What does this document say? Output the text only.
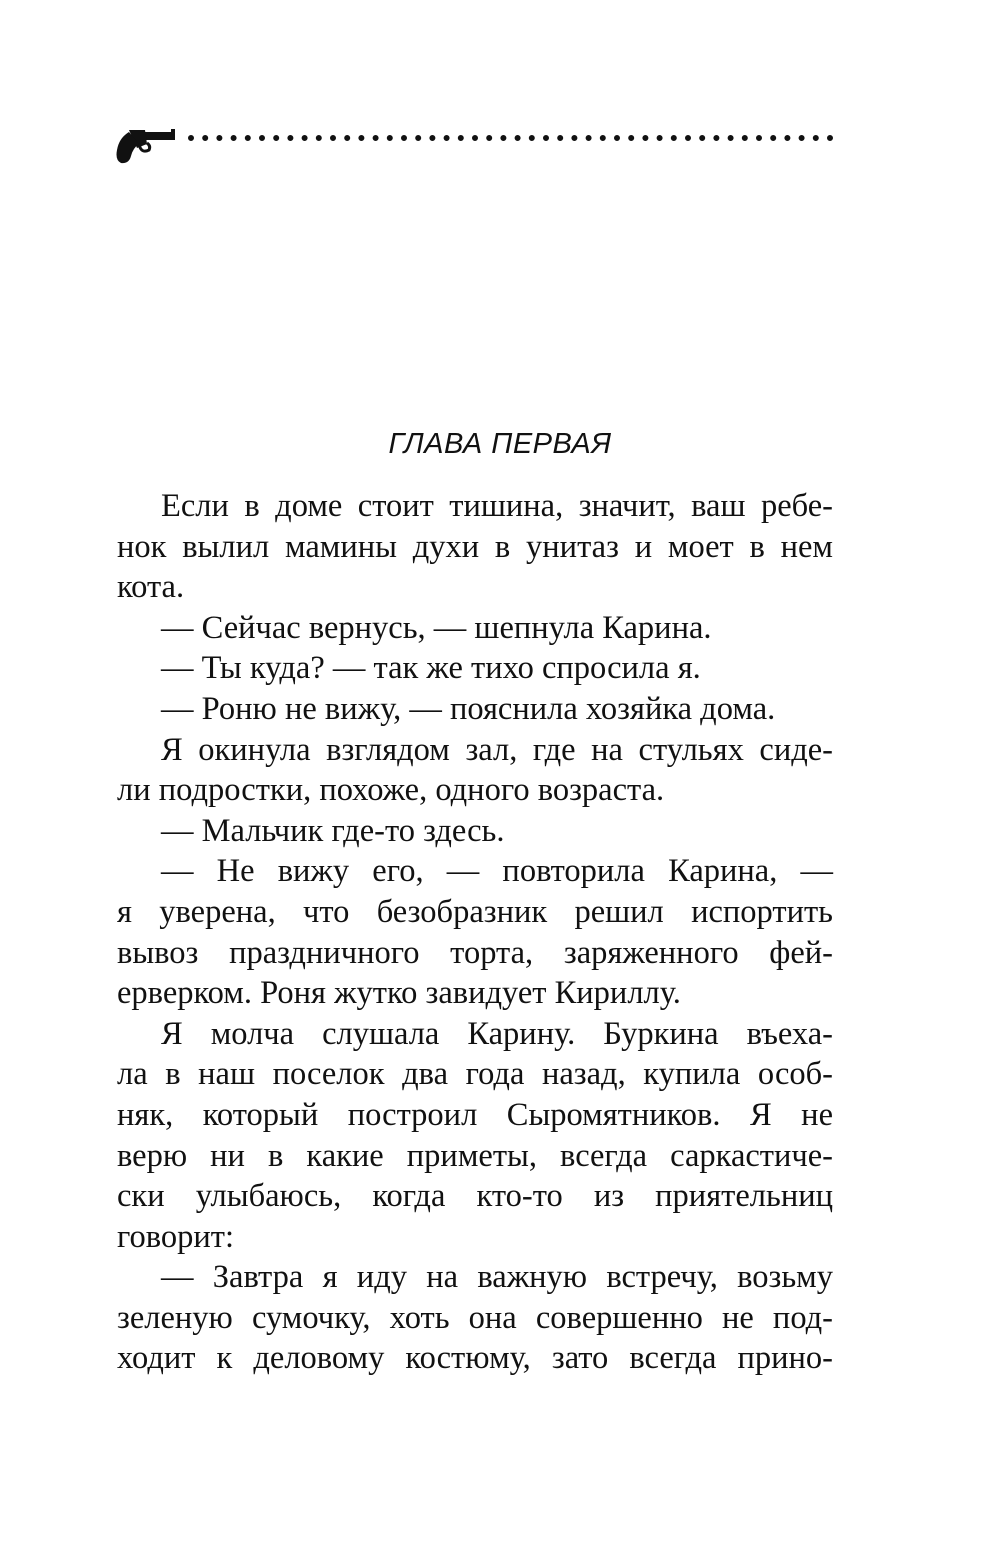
ГЛАВА ПЕРВАЯ
Если в доме стоит тишина, значит, ваш ребе-
нок вылил мамины духи в унитаз и моет в нем
кота.
— Сейчас вернусь, — шепнула Карина.
— Ты куда? — так же тихо спросила я.
— Роню не вижу, — пояснила хозяйка дома.
Я окинула взглядом зал, где на стульях сиде-
ли подростки, похоже, одного возраста.
— Мальчик где-то здесь.
— Не вижу его, — повторила Карина, —
я уверена, что безобразник решил испортить
вывоз праздничного торта, заряженного фей-
ерверком. Роня жутко завидует Кириллу.
Я молча слушала Карину. Буркина въеха-
ла в наш поселок два года назад, купила особ-
няк, который построил Сыромятников. Я не
верю ни в какие приметы, всегда саркастиче-
ски улыбаюсь, когда кто-то из приятельниц
говорит:
— Завтра я иду на важную встречу, возьму
зеленую сумочку, хоть она совершенно не под-
ходит к деловому костюму, зато всегда прино-
